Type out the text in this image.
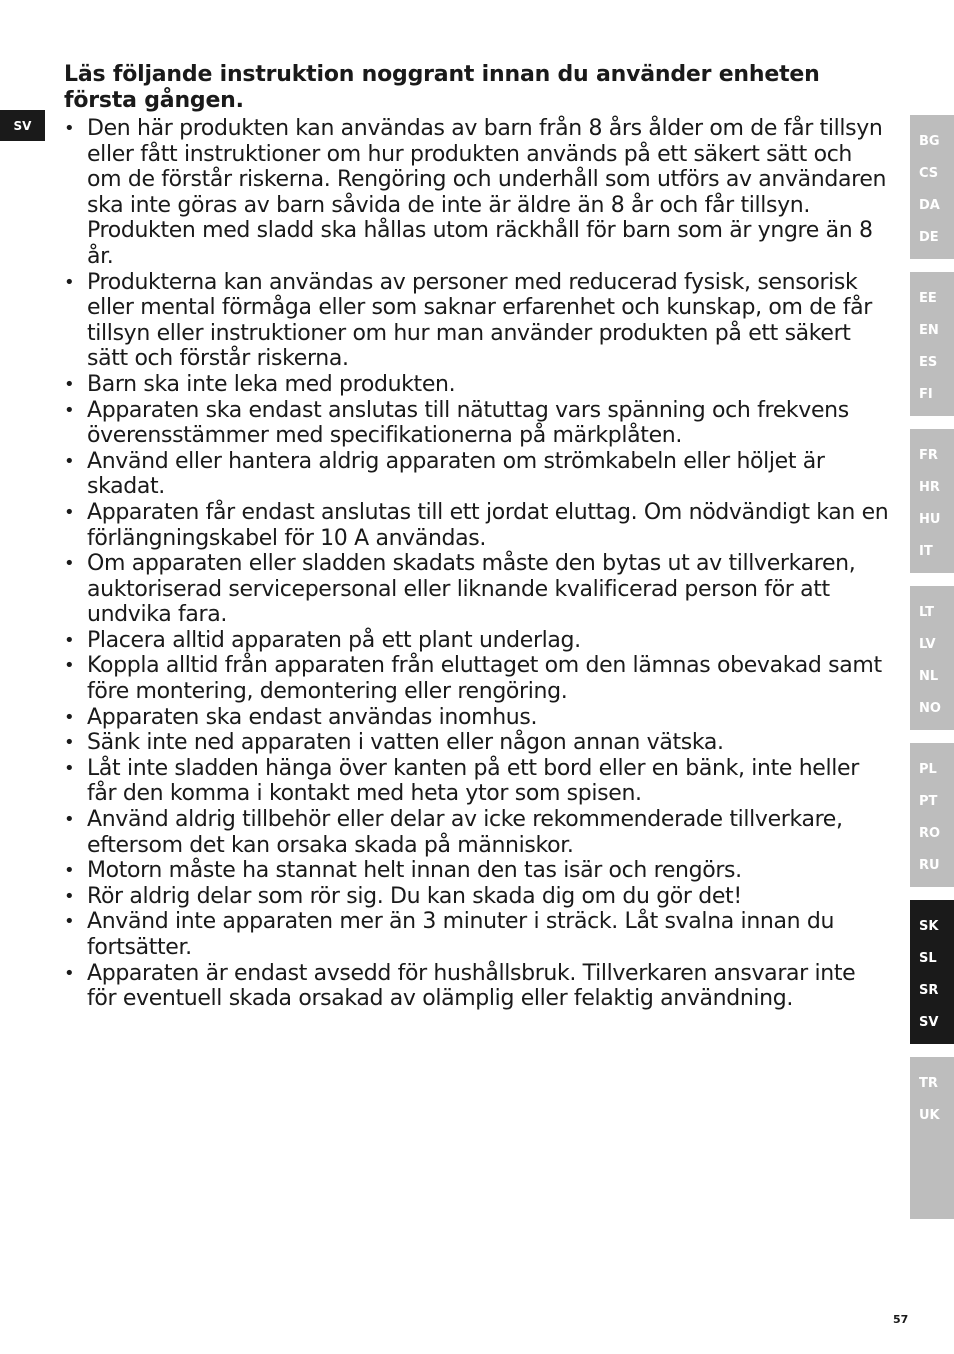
SV
Läs följande instruktion noggrant innan du använder enheten första gången.
• Den här produkten kan användas av barn från 8 års ålder om de får tillsyn eller fått instruktioner om hur produkten används på ett säkert sätt och om de förstår riskerna. Rengöring och underhåll som utförs av användaren ska inte göras av barn såvida de inte är äldre än 8 år och får tillsyn. Produkten med sladd ska hållas utom räckhåll för barn som är yngre än 8 år.
• Produkterna kan användas av personer med reducerad fysisk, sensorisk eller mental förmåga eller som saknar erfarenhet och kunskap, om de får tillsyn eller instruktioner om hur man använder produkten på ett säkert sätt och förstår riskerna.
• Barn ska inte leka med produkten.
• Apparaten ska endast anslutas till nätuttag vars spänning och frekvens överensstämmer med specifikationerna på märkplåten.
• Använd eller hantera aldrig apparaten om strömkabeln eller höljet är skadat.
• Apparaten får endast anslutas till ett jordat eluttag. Om nödvändigt kan en förlängningskabel för 10 A användas.
• Om apparaten eller sladden skadats måste den bytas ut av tillverkaren, auktoriserad servicepersonal eller liknande kvalificerad person för att undvika fara.
• Placera alltid apparaten på ett plant underlag.
• Koppla alltid från apparaten från eluttaget om den lämnas obevakad samt före montering, demontering eller rengöring.
• Apparaten ska endast användas inomhus.
• Sänk inte ned apparaten i vatten eller någon annan vätska.
• Låt inte sladden hänga över kanten på ett bord eller en bänk, inte heller får den komma i kontakt med heta ytor som spisen.
• Använd aldrig tillbehör eller delar av icke rekommenderade tillverkare, eftersom det kan orsaka skada på människor.
• Motorn måste ha stannat helt innan den tas isär och rengörs.
• Rör aldrig delar som rör sig. Du kan skada dig om du gör det!
• Använd inte apparaten mer än 3 minuter i sträck. Låt svalna innan du fortsätter.
• Apparaten är endast avsedd för hushållsbruk. Tillverkaren ansvarar inte för eventuell skada orsakad av olämplig eller felaktig användning.
BG
CS
DA
DE
EE
EN
ES
FI
FR
HR
HU
IT
LT
LV
NL
NO
PL
PT
RO
RU
SK
SL
SR
SV
TR
UK
57
